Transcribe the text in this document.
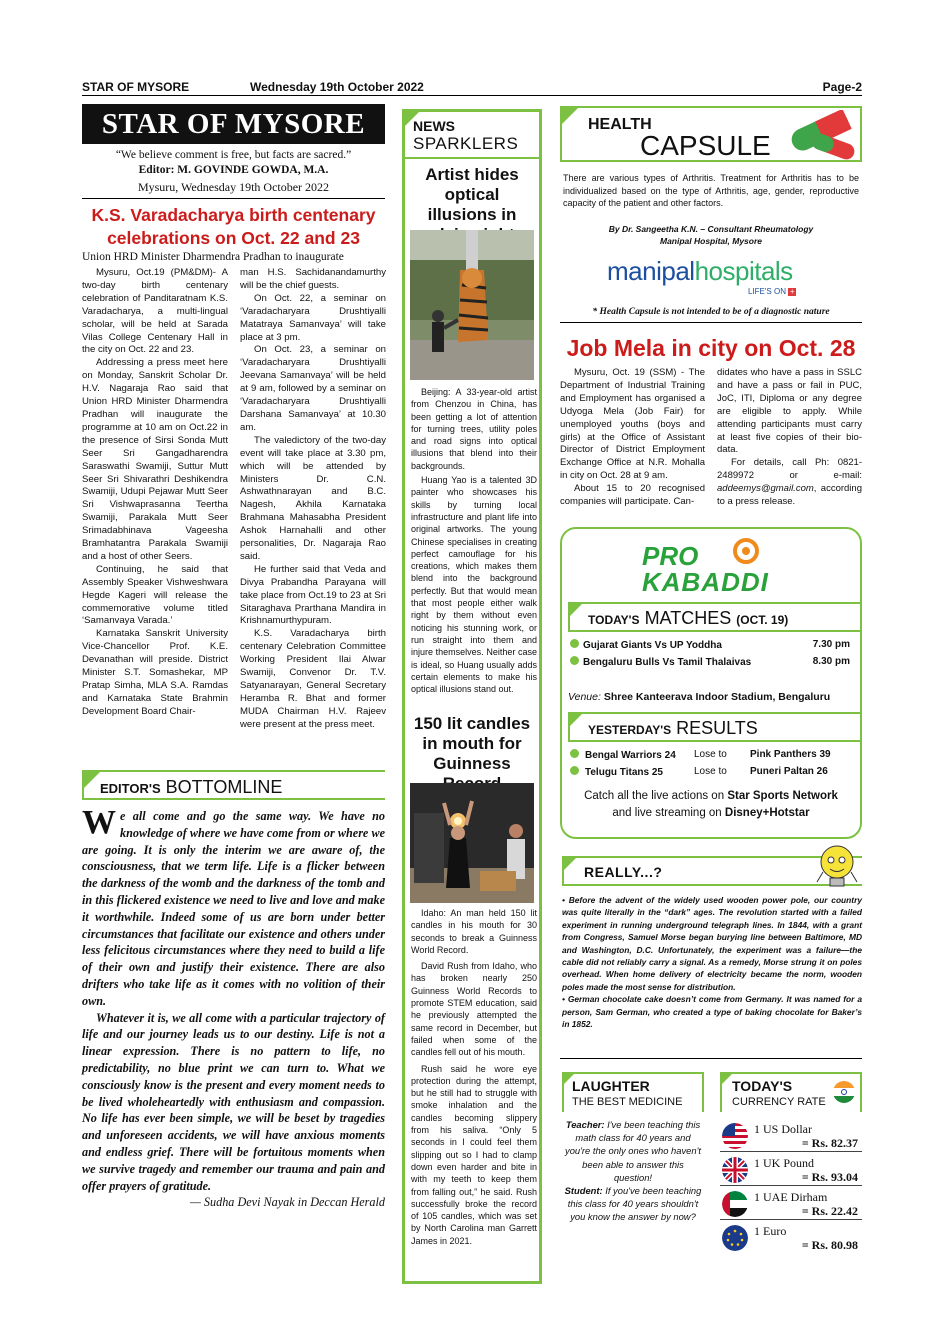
STAR OF MYSORE	Wednesday 19th October 2022	Page-2
STAR OF MYSORE
“We believe comment is free, but facts are sacred.”
Editor: M. GOVINDE GOWDA, M.A.
Mysuru, Wednesday 19th October 2022
K.S. Varadacharya birth centenary
celebrations on Oct. 22 and 23
Union HRD Minister Dharmendra Pradhan to inaugurate

Mysuru, Oct.19 (PM&DM)- A two-day birth centenary celebration of Panditaratnam K.S. Varadacharya, a multi-lingual scholar, will be held at Sarada Vilas College Centenary Hall in the city on Oct. 22 and 23.

Addressing a press meet here on Monday, Sanskrit Scholar Dr. H.V. Nagaraja Rao said that Union HRD Minister Dharmendra Pradhan will inaugurate the programme at 10 am on Oct.22 in the presence of Sirsi Sonda Mutt Seer Sri Gangadharendra Saraswathi Swamiji, Suttur Mutt Seer Sri Shivarathri Deshikendra Swamiji, Udupi Pejawar Mutt Seer Sri Vishwaprasanna Teertha Swamiji, Parakala Mutt Seer Srimadabhinava Vageesha Bramhatantra Parakala Swamiji and a host of other Seers.

Continuing, he said that Assembly Speaker Vishweshwara Hegde Kageri will release the commemorative volume titled ‘Samanvaya Varada.’

Karnataka Sanskrit University Vice-Chancellor Prof. K.E. Devanathan will preside. District Minister S.T. Somashekar, MP Pratap Simha, MLA S.A. Ramdas and Karnataka State Brahmin Development Board Chair-

man H.S. Sachidanandamurthy will be the chief guests.

On Oct. 22, a seminar on ‘Varadacharyara Drushtiyalli Matatraya Samanvaya’ will take place at 3 pm.

On Oct. 23, a seminar on ‘Varadacharyara Drushtiyalli Jeevana Samanvaya’ will be held at 9 am, followed by a seminar on ‘Varadacharyara Drushtiyalli Darshana Samanvaya’ at 10.30 am.

The valedictory of the two-day event will take place at 3.30 pm, which will be attended by Ministers Dr. C.N. Ashwathnarayan and B.C. Nagesh, Akhila Karnataka Brahmana Mahasabha President Ashok Harnahalli and other personalities, Dr. Nagaraja Rao said.

He further said that Veda and Divya Prabandha Parayana will take place from Oct.19 to 23 at Sri Sitaraghava Prarthana Mandira in Krishnamurthypuram.

K.S. Varadacharya birth centenary Celebration Committee Working President Ilai Alwar Swamiji, Convenor Dr. T.V. Satyanarayan, General Secretary Heramba R. Bhat and former MUDA Chairman H.V. Rajeev were present at the press meet.

EDITOR'S BOTTOMLINE

We all come and go the same way. We have no knowledge of where we have come from or where we are going. It is only the interim we are aware of, the consciousness, that we term life. Life is a flicker between the darkness of the womb and the darkness of the tomb and in this flickered existence we need to live and love and make it worthwhile. Indeed some of us are born under better circumstances that facilitate our existence and others under less felicitous circumstances where they need to build a life of their own and justify their existence. There are also drifters who take life as it comes with no volition of their own.

Whatever it is, we all come with a particular trajectory of life and our journey leads us to our destiny. Life is not a linear expression. There is no pattern to life, no predictability, no blue print we can turn to. What we consciously know is the present and every moment needs to be lived wholeheartedly with enthusiasm and compassion. No life has ever been simple, we will be beset by tragedies and unforeseen accidents, we will have anxious moments and endless grief. There will be fortuitous moments when we survive tragedy and remember our trauma and pain and offer prayers of gratitude.

— Sudha Devi Nayak in Deccan Herald

NEWS
SPARKLERS
Artist hides optical illusions in

Beijing: A 33-year-old artist from Chenzou in China, has been getting a lot of attention for turning trees, utility poles and road signs into optical illusions that blend into their backgrounds.

Huang Yao is a talented 3D painter who showcases his skills by turning local infrastructure and plant life into original artworks. The young Chinese specialises in creating perfect camouflage for his creations, which makes them blend into the background perfectly. But that would mean that most people either walk right by them without even noticing his stunning work, or run straight into them and injure themselves. Neither case is ideal, so Huang usually adds certain elements to make his optical illusions stand out.

150 lit candles in mouth for Guinness

Idaho: An man held 150 lit candles in his mouth for 30 seconds to break a Guinness World Record.

David Rush from Idaho, who has broken nearly 250 Guinness World Records to promote STEM education, said he previously attempted the same record in December, but failed when some of the candles fell out of his mouth.

Rush said he wore eye protection during the attempt, but he still had to struggle with smoke inhalation and the candles becoming slippery from his saliva. “Only 5 seconds in I could feel them slipping out so I had to clamp down even harder and bite in with my teeth to keep them from falling out,” he said. Rush successfully broke the record of 105 candles, which was set by North Carolina man Garrett James in 2021.

HEALTH
CAPSULE
There are various types of Arthritis. Treatment for Arthritis has to be individualized based on the type of Arthritis, age, gender, reproductive capacity of the patient and other factors.
By Dr. Sangeetha K.N. – Consultant Rheumatology
Manipal Hospital, Mysore
manipalhospitals
LIFE'S ON +
* Health Capsule is not intended to be of a diagnostic nature
Job Mela in city on Oct. 28

Mysuru, Oct. 19 (SSM) - The Department of Industrial Training and Employment has organised a Udyoga Mela (Job Fair) for unemployed youths (boys and girls) at the Office of Assistant Director of District Employment Exchange Office at N.R. Mohalla in city on Oct. 28 at 9 am.

About 15 to 20 recognised companies will participate. Can-

didates who have a pass in SSLC and have a pass or fail in PUC, JoC, ITI, Diploma or any degree are eligible to apply. While attending participants must carry at least five copies of their bio-data.

For details, call Ph: 0821-2489972 or e-mail: addeemys@gmail.com, according to a press release.

PRO
KABADDI
TODAY'S MATCHES (OCT. 19)
Gujarat Giants Vs UP Yoddha	7.30 pm
Bengaluru Bulls Vs Tamil Thalaivas	8.30 pm
Venue: Shree Kanteerava Indoor Stadium, Bengaluru
YESTERDAY'S RESULTS
Bengal Warriors 24 Lose to Pink Panthers 39
Telugu Titans 25	Lose to Puneri Paltan 26
Catch all the live actions on Star Sports Network
and live streaming on Disney+Hotstar
REALLY...?

• Before the advent of the widely used wooden power pole, our country was quite literally in the “dark” ages. The revolution started with a failed experiment in running underground telegraph lines. In 1844, with a grant from Congress, Samuel Morse began burying line between Baltimore, MD and Washington, D.C. Unfortunately, the experiment was a failure—the cable did not reliably carry a signal. As a remedy, Morse strung it on poles overhead. When home delivery of electricity became the norm, wooden poles made the most sense for distribution.

• German chocolate cake doesn’t come from Germany. It was named for a person, Sam German, who created a type of baking chocolate for Baker’s in 1852.

LAUGHTER
THE BEST MEDICINE

Teacher: I've been teaching this math class for 40 years and you're the only ones who haven't been able to answer this question!

Student: If you've been teaching this class for 40 years shouldn't you know the answer by now?

TODAY'S
CURRENCY RATE
1 US Dollar
= Rs. 82.37
1 UK Pound
= Rs. 93.04
1 UAE Dirham
= Rs. 22.42
1 Euro
= Rs. 80.98
